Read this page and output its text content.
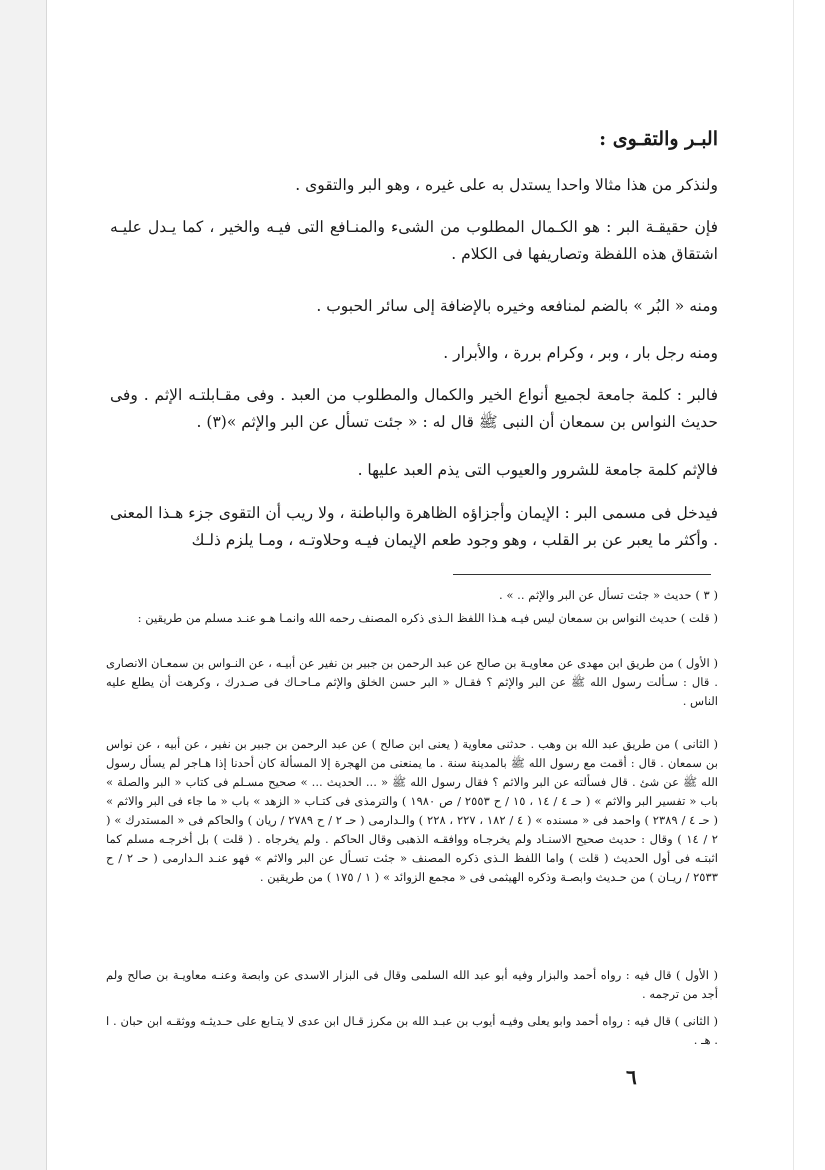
البـر والتقـوى :

ولنذكر من هذا مثالا واحدا يستدل به على غيره ، وهو البر والتقوى .

فإن حقيقـة البر : هو الكـمال المطلوب من الشىء والمنـافع التى فيـه والخير ، كما يـدل عليـه اشتقاق هذه اللفظة وتصاريفها فى الكلام .

ومنه « البُر » بالضم لمنافعه وخيره بالإضافة إلى سائر الحبوب .

ومنه رجل بار ، وبر ، وكرام بررة ، والأبرار .

فالبر : كلمة جامعة لجميع أنواع الخير والكمال والمطلوب من العبد . وفى مقـابلتـه الإثم . وفى حديث النواس بن سمعان أن النبى ﷺ قال له : « جئت تسأل عن البر والإثم »(٣) .

فالإثم كلمة جامعة للشرور والعيوب التى يذم العبد عليها .

فيدخل فى مسمى البر : الإيمان وأجزاؤه الظاهرة والباطنة ، ولا ريب أن التقوى جزء هـذا المعنى . وأكثر ما يعبر عن بر القلب ، وهو وجود طعم الإيمان فيـه وحلاوتـه ، ومـا يلزم ذلـك

( ٣ ) حديث « جئت تسأل عن البر والإثم .. » .

( قلت ) حديث النواس بن سمعان ليس فيـه هـذا اللفظ الـذى ذكره المصنف رحمه الله وانمـا هـو عنـد مسلم من طريقين :

( الأول ) من طريق ابن مهدى عن معاويـة بن صالح عن عبد الرحمن بن جبير بن نفير عن أبيـه ، عن النـواس بن سمعـان الانصارى . قال : سـألت رسول الله ﷺ عن البر والإثم ؟ فقـال « البر حسن الخلق والإثم مـاحـاك فى صـدرك ، وكرهت أن يطلع عليه الناس .

( الثانى ) من طريق عبد الله بن وهب . حدثنى معاوية ( يعنى ابن صالح ) عن عبد الرحمن بن جبير بن نفير ، عن أبيه ، عن نواس بن سمعان . قال : أقمت مع رسول الله ﷺ بالمدينة سنة . ما يمنعنى من الهجرة إلا المسألة كان أحدنا إذا هـاجر لم يسأل رسول الله ﷺ عن شئ . قال فسألته عن البر والاثم ؟ فقال رسول الله ﷺ « ... الحديث ... » صحيح مسـلم فى كتاب « البر والصلة » باب « تفسير البر والاثم » ( حـ ٤ / ١٤ ، ١٥ / ح ٢٥٥٣ / ص ١٩٨٠ ) والترمذى فى كتـاب « الزهد » باب « ما جاء فى البر والاثم » ( حـ ٤ / ٢٣٨٩ ) واحمد فى « مسنده » ( ٤ / ١٨٢ ، ٢٢٧ ، ٢٢٨ ) والـدارمى ( حـ ٢ / ح ٢٧٨٩ / ريان ) والحاكم فى « المستدرك » ( ٢ / ١٤ ) وقال : حديث صحيح الاسنـاد ولم يخرجـاه ووافقـه الذهبى وقال الحاكم . ولم يخرجاه . ( قلت ) بل أخرجـه مسلم كما اثبتـه فى أول الحديث ( قلت ) واما اللفظ الـذى ذكره المصنف « جئت تسـأل عن البر والاثم » فهو عنـد الـدارمى ( حـ ٢ / ح ٢٥٣٣ / ريـان ) من حـديث وابصـة وذكره الهيثمى فى « مجمع الزوائد » ( ١ / ١٧٥ ) من طريقين .

( الأول ) قال فيه : رواه أحمد والبزار وفيه أبو عبد الله السلمى وقال فى البزار الاسدى عن وابصة وعنـه معاويـة بن صالح ولم أجد من ترجمه .

( الثانى ) قال فيه : رواه أحمد وابو يعلى وفيـه أيوب بن عبـد الله بن مكرز قـال ابن عدى لا يتـابع على حـديثـه ووثقـه ابن حبان . ا . هـ .

٦
